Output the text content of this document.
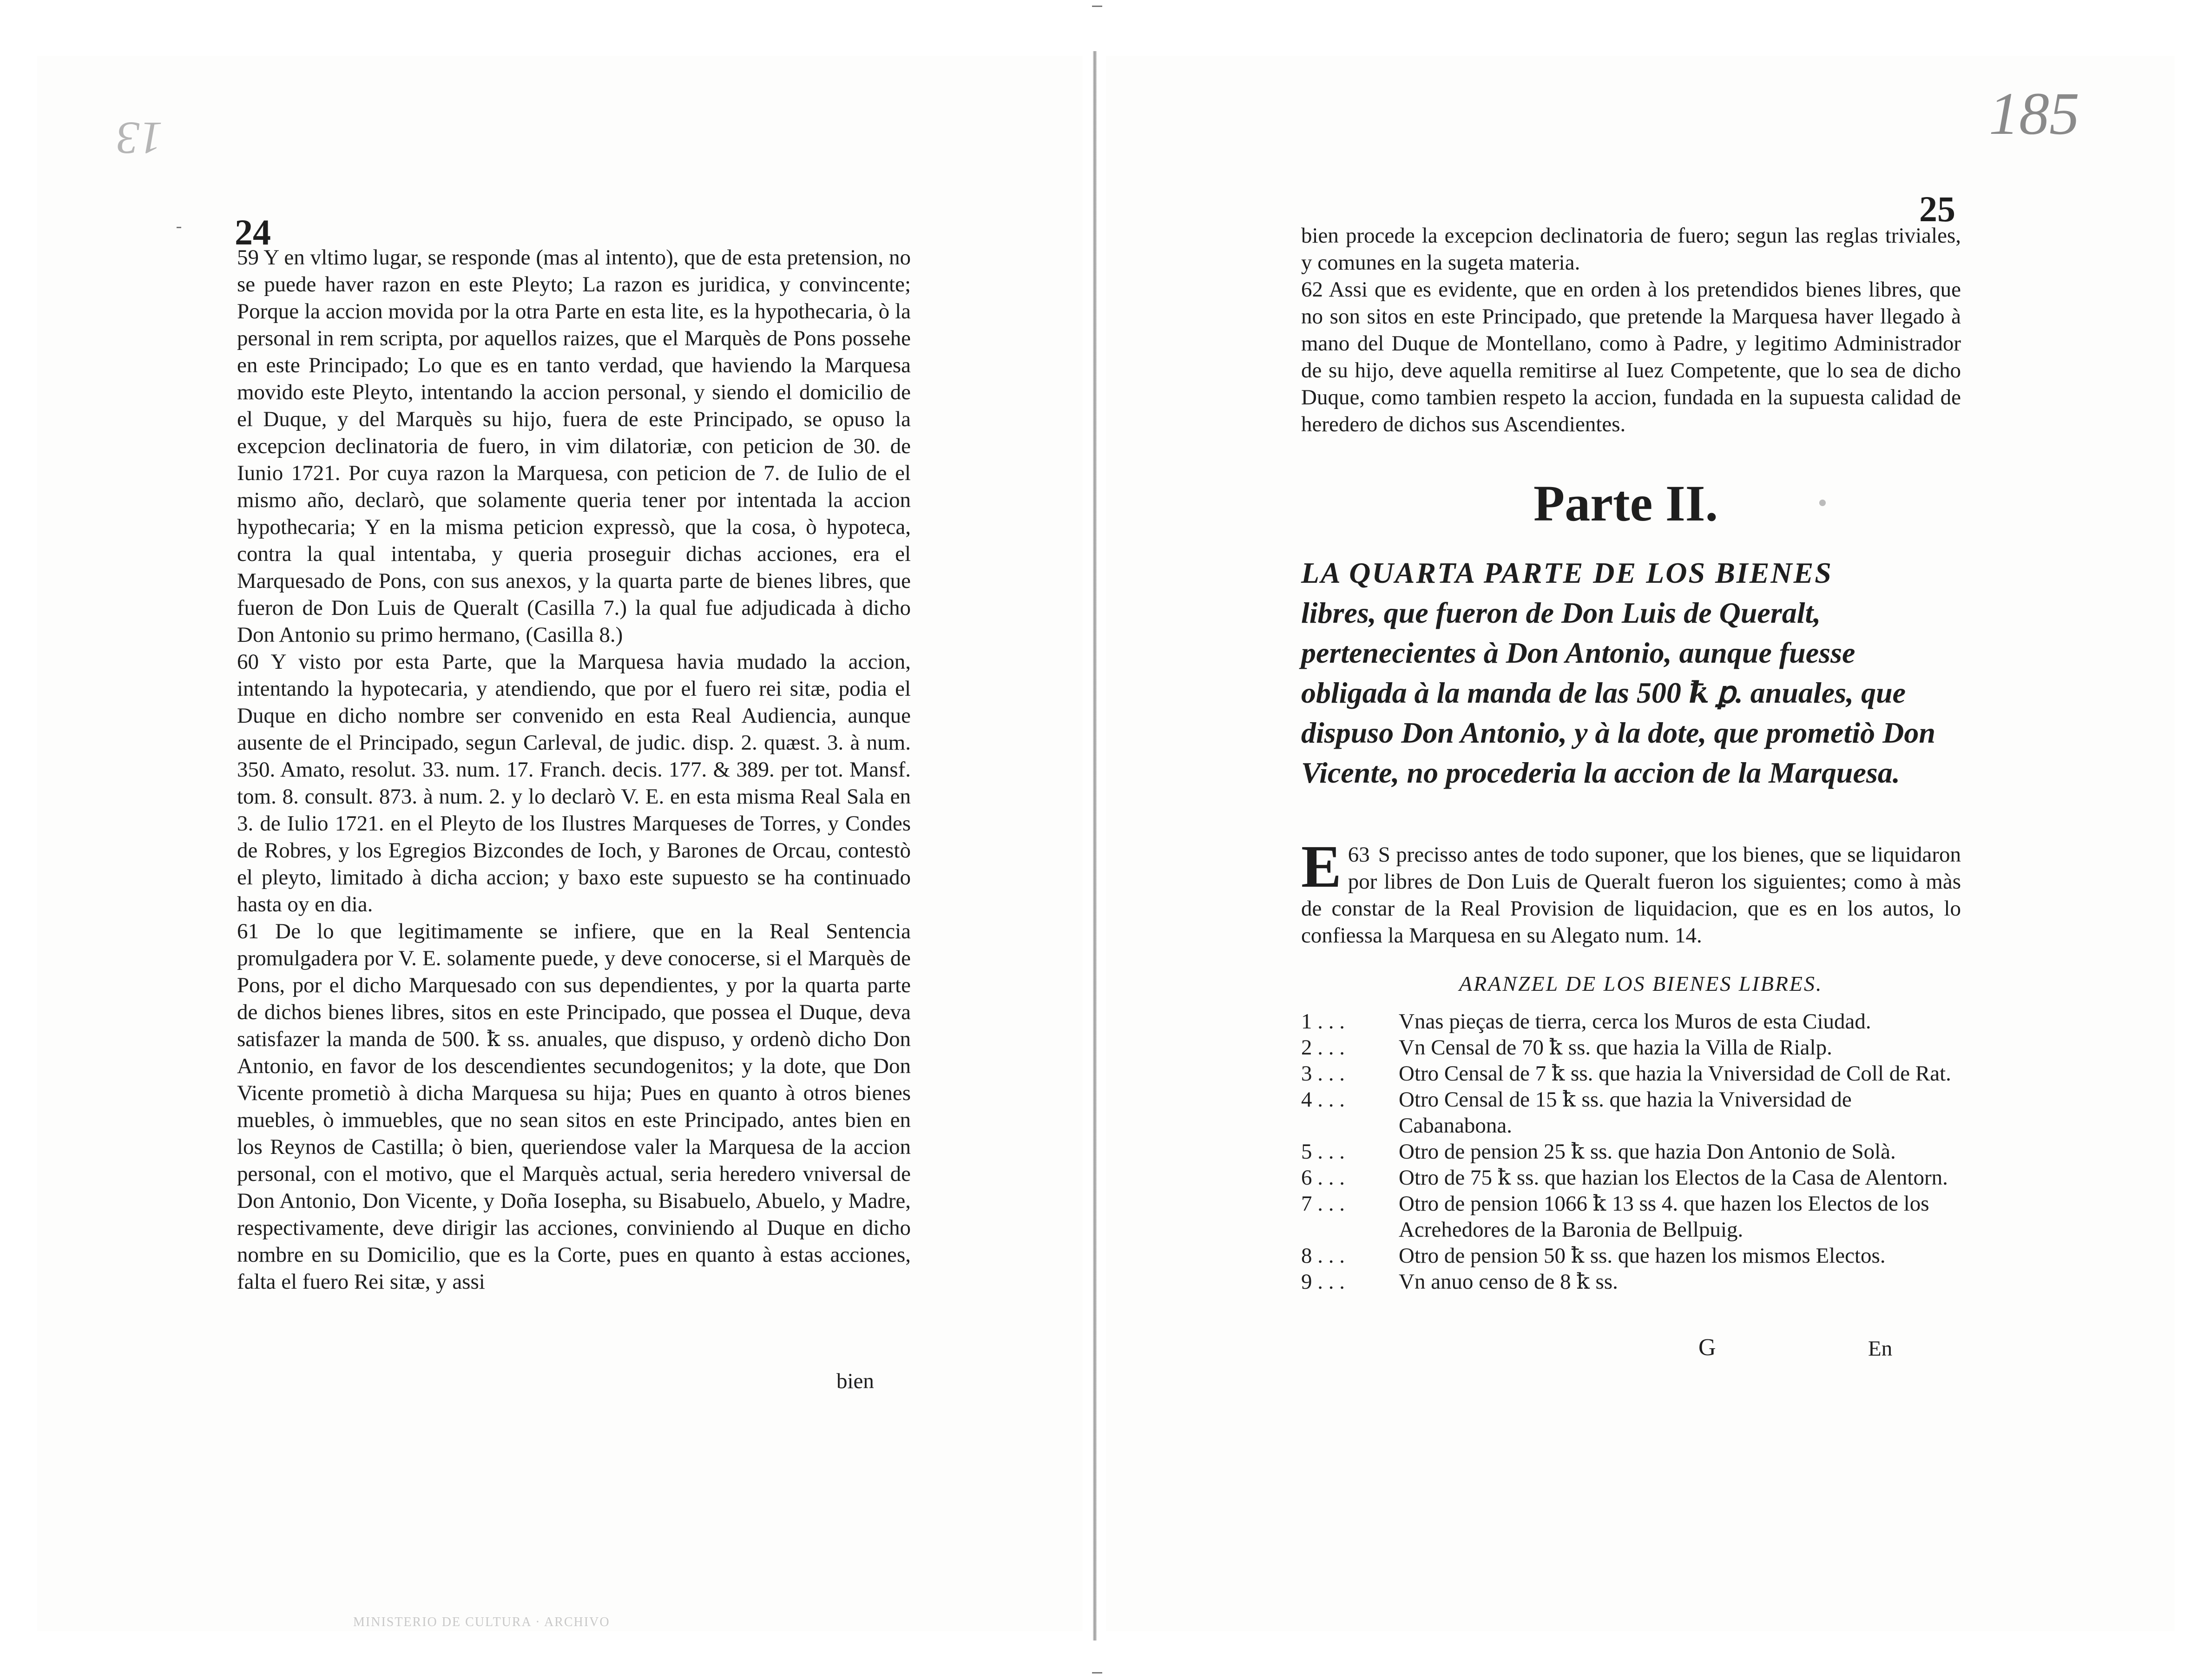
13	185
24

59 Y en vltimo lugar, se responde (mas al intento), que de esta pretension, no se puede haver razon en este Pleyto; La razon es juridica, y convincente; Porque la accion movida por la otra Parte en esta lite, es la hypothecaria, ò la personal in rem scripta, por aquellos raizes, que el Marquès de Pons possehe en este Principado; Lo que es en tanto verdad, que haviendo la Marquesa movido este Pleyto, intentando la accion personal, y siendo el domicilio de el Duque, y del Marquès su hijo, fuera de este Principado, se opuso la excepcion declinatoria de fuero, in vim dilatoriæ, con peticion de 30. de Iunio 1721. Por cuya razon la Marquesa, con peticion de 7. de Iulio de el mismo año, declarò, que solamente queria tener por intentada la accion hypothecaria; Y en la misma peticion expressò, que la cosa, ò hypoteca, contra la qual intentaba, y queria proseguir dichas acciones, era el Marquesado de Pons, con sus anexos, y la quarta parte de bienes libres, que fueron de Don Luis de Queralt (Casilla 7.) la qual fue adjudicada à dicho Don Antonio su primo hermano, (Casilla 8.)

60 Y visto por esta Parte, que la Marquesa havia mudado la accion, intentando la hypotecaria, y atendiendo, que por el fuero rei sitæ, podia el Duque en dicho nombre ser convenido en esta Real Audiencia, aunque ausente de el Principado, segun Carleval, de judic. disp. 2. quæst. 3. à num. 350. Amato, resolut. 33. num. 17. Franch. decis. 177. & 389. per tot. Mansf. tom. 8. consult. 873. à num. 2. y lo declarò V. E. en esta misma Real Sala en 3. de Iulio 1721. en el Pleyto de los Ilustres Marqueses de Torres, y Condes de Robres, y los Egregios Bizcondes de Ioch, y Barones de Orcau, contestò el pleyto, limitado à dicha accion; y baxo este supuesto se ha continuado hasta oy en dia.

61 De lo que legitimamente se infiere, que en la Real Sentencia promulgadera por V. E. solamente puede, y deve conocerse, si el Marquès de Pons, por el dicho Marquesado con sus dependientes, y por la quarta parte de dichos bienes libres, sitos en este Principado, que possea el Duque, deva satisfazer la manda de 500. ꝁ ss. anuales, que dispuso, y ordenò dicho Don Antonio, en favor de los descendientes secundogenitos; y la dote, que Don Vicente prometiò à dicha Marquesa su hija; Pues en quanto à otros bienes muebles, ò immuebles, que no sean sitos en este Principado, antes bien en los Reynos de Castilla; ò bien, queriendose valer la Marquesa de la accion personal, con el motivo, que el Marquès actual, seria heredero vniversal de Don Antonio, Don Vicente, y Doña Iosepha, su Bisabuelo, Abuelo, y Madre, respectivamente, deve dirigir las acciones, conviniendo al Duque en dicho nombre en su Domicilio, que es la Corte, pues en quanto à estas acciones, falta el fuero Rei sitæ, y assi

bien
25

bien procede la excepcion declinatoria de fuero; segun las reglas triviales, y comunes en la sugeta materia.

62 Assi que es evidente, que en orden à los pretendidos bienes libres, que no son sitos en este Principado, que pretende la Marquesa haver llegado à mano del Duque de Montellano, como à Padre, y legitimo Administrador de su hijo, deve aquella remitirse al Iuez Competente, que lo sea de dicho Duque, como tambien respeto la accion, fundada en la supuesta calidad de heredero de dichos sus Ascendientes.

Parte II.
LA QUARTA PARTE DE LOS BIENES
libres, que fueron de Don Luis de Queralt, pertenecientes à Don Antonio, aunque fuesse obligada à la manda de las 500 ꝁ ꝑ. anuales, que dispuso Don Antonio, y à la dote, que prometiò Don Vicente, no procederia la accion de la Marquesa.
63
E S precisso antes de todo suponer, que los bienes, que se liquidaron por libres de Don Luis de Queralt fueron los siguientes; como à màs de constar de la Real Provision de liquidacion, que es en los autos, lo confiessa la Marquesa en su Alegato num. 14.
ARANZEL DE LOS BIENES LIBRES.
1 . . .	Vnas pieças de tierra, cerca los Muros de esta Ciudad.
2 . . .	Vn Censal de 70 ꝁ ss. que hazia la Villa de Rialp.
3 . . .	Otro Censal de 7 ꝁ ss. que hazia la Vniversidad de Coll de Rat.
4 . . .	Otro Censal de 15 ꝁ ss. que hazia la Vniversidad de Cabanabona.
5 . . .	Otro de pension 25 ꝁ ss. que hazia Don Antonio de Solà.
6 . . .	Otro de 75 ꝁ ss. que hazian los Electos de la Casa de Alentorn.
7 . . .	Otro de pension 1066 ꝁ 13 ss 4. que hazen los Electos de los Acrehedores de la Baronia de Bellpuig.
8 . . .	Otro de pension 50 ꝁ ss. que hazen los mismos Electos.
9 . . .	Vn anuo censo de 8 ꝁ ss.
G	En
MINISTERIO DE CULTURA · ARCHIVO
